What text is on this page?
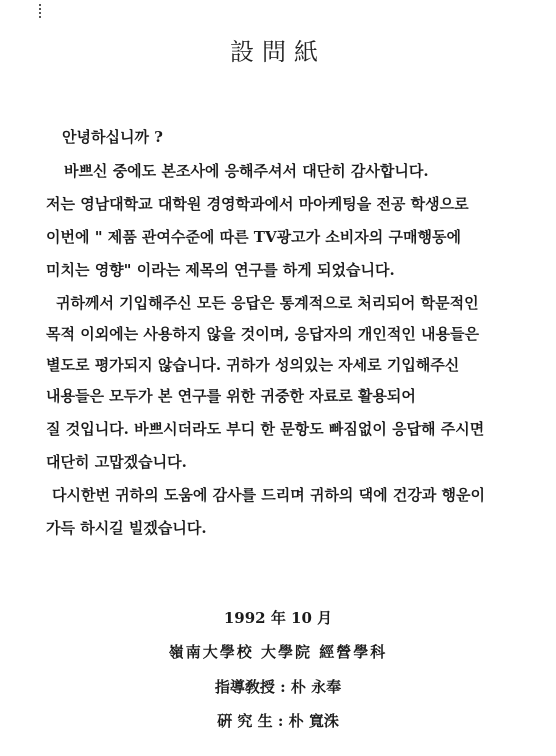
設問紙
안녕하십니까 ?
바쁘신 중에도 본조사에 응해주셔서 대단히 감사합니다.
저는 영남대학교 대학원 경영학과에서 마아케팅을 전공 학생으로
이번에 " 제품 관여수준에 따른 TV광고가 소비자의 구매행동에
미치는 영향" 이라는 제목의 연구를 하게 되었습니다.
귀하께서 기입해주신 모든 응답은 통계적으로 처리되어 학문적인
목적 이외에는 사용하지 않을 것이며, 응답자의 개인적인 내용들은
별도로 평가되지 않습니다. 귀하가 성의있는 자세로 기입해주신
내용들은 모두가 본 연구를 위한 귀중한 자료로 활용되어
질 것입니다. 바쁘시더라도 부디 한 문항도 빠짐없이 응답해 주시면
대단히 고맙겠습니다.
다시한번 귀하의 도움에 감사를 드리며 귀하의 댁에 건강과 행운이
가득 하시길 빌겠습니다.
1992 年 10 月
嶺南大學校 大學院 經營學科
指導敎授 : 朴 永奉
硏 究 生 : 朴 寬洙
